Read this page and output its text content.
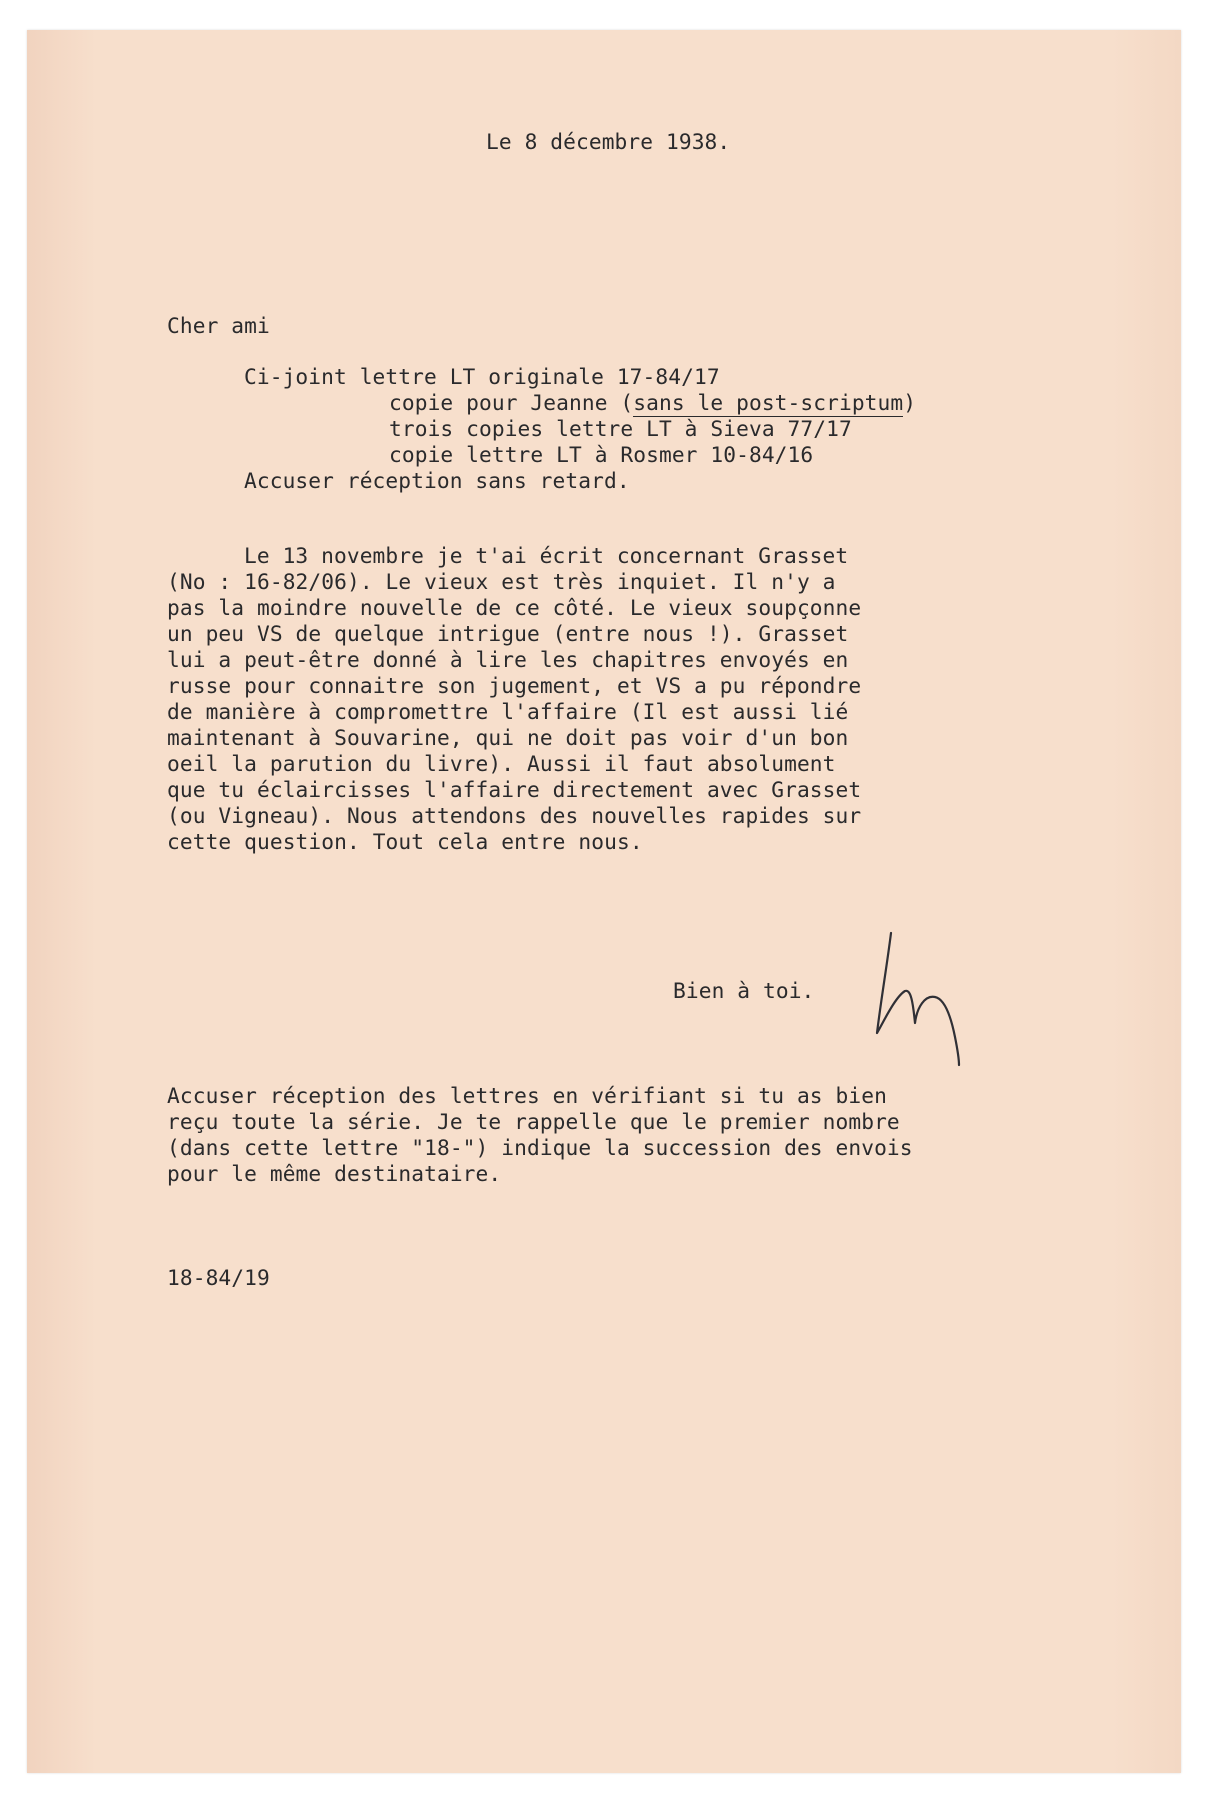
Le 8 décembre 1938.
Cher ami
Ci-joint lettre LT originale 17-84/17
copie pour Jeanne (sans le post-scriptum)
trois copies lettre LT à Sieva 77/17
copie lettre LT à Rosmer 10-84/16
Accuser réception sans retard.
Le 13 novembre je t'ai écrit concernant Grasset
(No : 16-82/06). Le vieux est très inquiet. Il n'y a
pas la moindre nouvelle de ce côté. Le vieux soupçonne
un peu VS de quelque intrigue (entre nous !). Grasset
lui a peut-être donné à lire les chapitres envoyés en
russe pour connaitre son jugement, et VS a pu répondre
de manière à compromettre l'affaire (Il est aussi lié
maintenant à Souvarine, qui ne doit pas voir d'un bon
oeil la parution du livre). Aussi il faut absolument
que tu éclaircisses l'affaire directement avec Grasset
(ou Vigneau). Nous attendons des nouvelles rapides sur
cette question. Tout cela entre nous.
Bien à toi.
Accuser réception des lettres en vérifiant si tu as bien
reçu toute la série. Je te rappelle que le premier nombre
(dans cette lettre "18-") indique la succession des envois
pour le même destinataire.
18-84/19
